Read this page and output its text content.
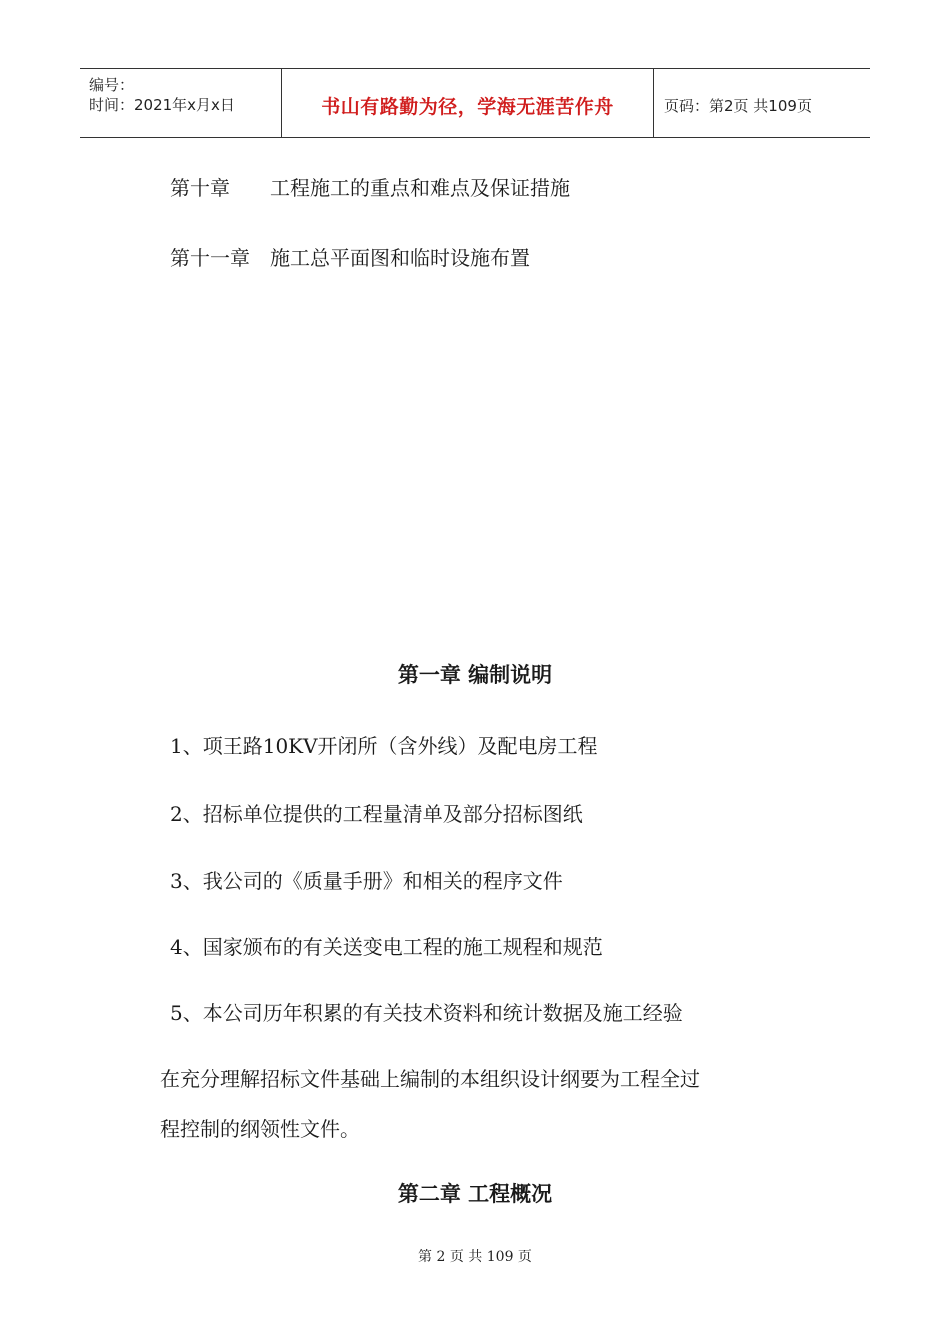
编号：
时间：2021年x月x日	书山有路勤为径，学海无涯苦作舟	页码：第2页 共109页
第十章 工程施工的重点和难点及保证措施
第十一章 施工总平面图和临时设施布置
第一章 编制说明
1、项王路10KV开闭所（含外线）及配电房工程
2、招标单位提供的工程量清单及部分招标图纸
3、我公司的《质量手册》和相关的程序文件
4、国家颁布的有关送变电工程的施工规程和规范
5、本公司历年积累的有关技术资料和统计数据及施工经验
在充分理解招标文件基础上编制的本组织设计纲要为工程全过
程控制的纲领性文件。
第二章 工程概况
第 2 页 共 109 页
